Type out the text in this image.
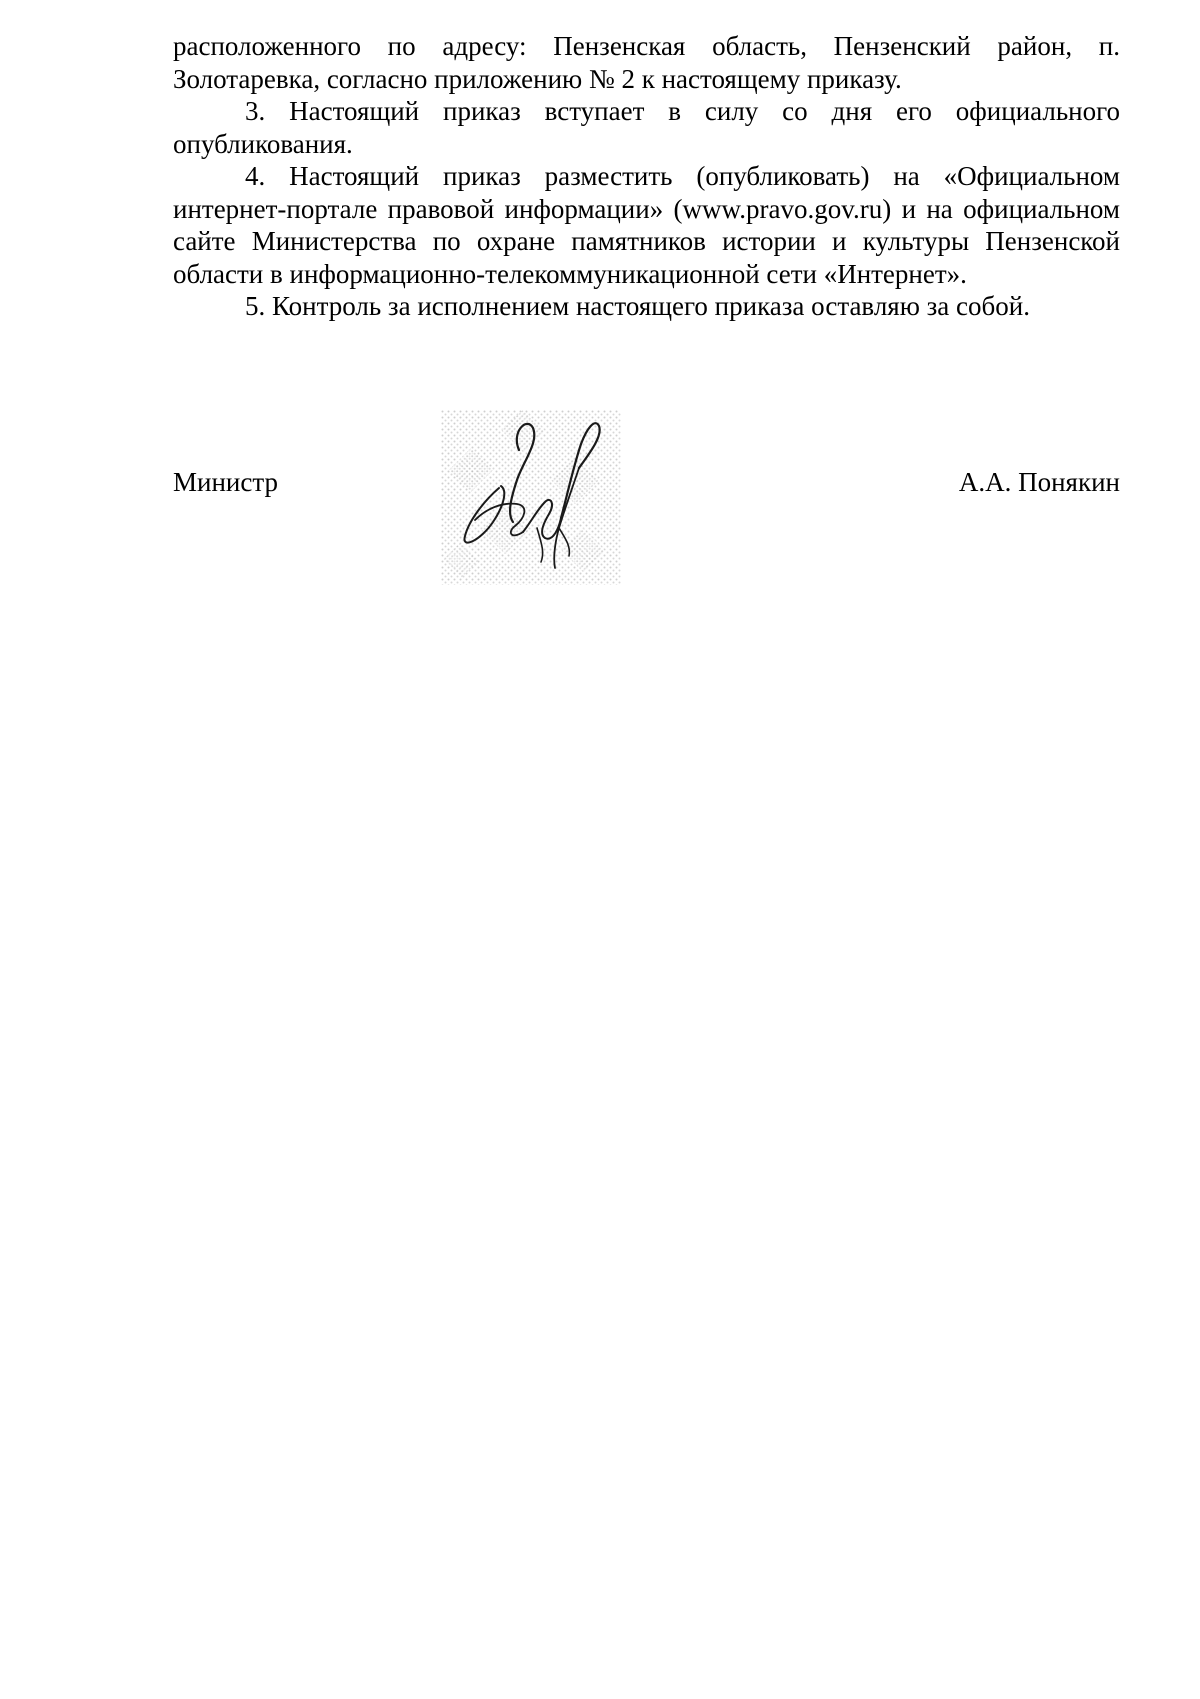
расположенного по адресу: Пензенская область, Пензенский район, п. Золотаревка, согласно приложению № 2 к настоящему приказу.

3. Настоящий приказ вступает в силу со дня его официального опубликования.

4. Настоящий приказ разместить (опубликовать) на «Официальном интернет-портале правовой информации» (www.pravo.gov.ru) и на официальном сайте Министерства по охране памятников истории и культуры Пензенской области в информационно-телекоммуникационной сети «Интернет».

5. Контроль за исполнением настоящего приказа оставляю за собой.

Министр	А.А. Понякин
